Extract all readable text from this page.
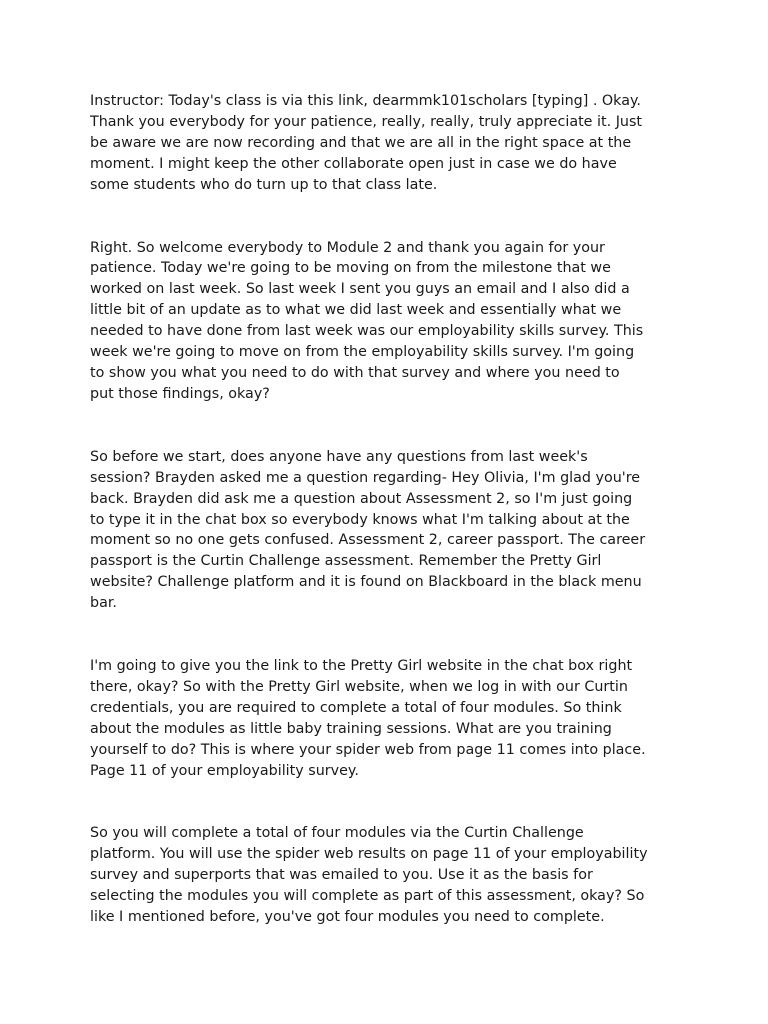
Instructor: Today's class is via this link, dearmmk101scholars [typing] . Okay.
Thank you everybody for your patience, really, really, truly appreciate it. Just
be aware we are now recording and that we are all in the right space at the
moment. I might keep the other collaborate open just in case we do have
some students who do turn up to that class late.

Right. So welcome everybody to Module 2 and thank you again for your
patience. Today we're going to be moving on from the milestone that we
worked on last week. So last week I sent you guys an email and I also did a
little bit of an update as to what we did last week and essentially what we
needed to have done from last week was our employability skills survey. This
week we're going to move on from the employability skills survey. I'm going
to show you what you need to do with that survey and where you need to
put those findings, okay?

So before we start, does anyone have any questions from last week's
session? Brayden asked me a question regarding- Hey Olivia, I'm glad you're
back. Brayden did ask me a question about Assessment 2, so I'm just going
to type it in the chat box so everybody knows what I'm talking about at the
moment so no one gets confused. Assessment 2, career passport. The career
passport is the Curtin Challenge assessment. Remember the Pretty Girl
website? Challenge platform and it is found on Blackboard in the black menu
bar.

I'm going to give you the link to the Pretty Girl website in the chat box right
there, okay? So with the Pretty Girl website, when we log in with our Curtin
credentials, you are required to complete a total of four modules. So think
about the modules as little baby training sessions. What are you training
yourself to do? This is where your spider web from page 11 comes into place.
Page 11 of your employability survey.

So you will complete a total of four modules via the Curtin Challenge
platform. You will use the spider web results on page 11 of your employability
survey and superports that was emailed to you. Use it as the basis for
selecting the modules you will complete as part of this assessment, okay? So
like I mentioned before, you've got four modules you need to complete.
